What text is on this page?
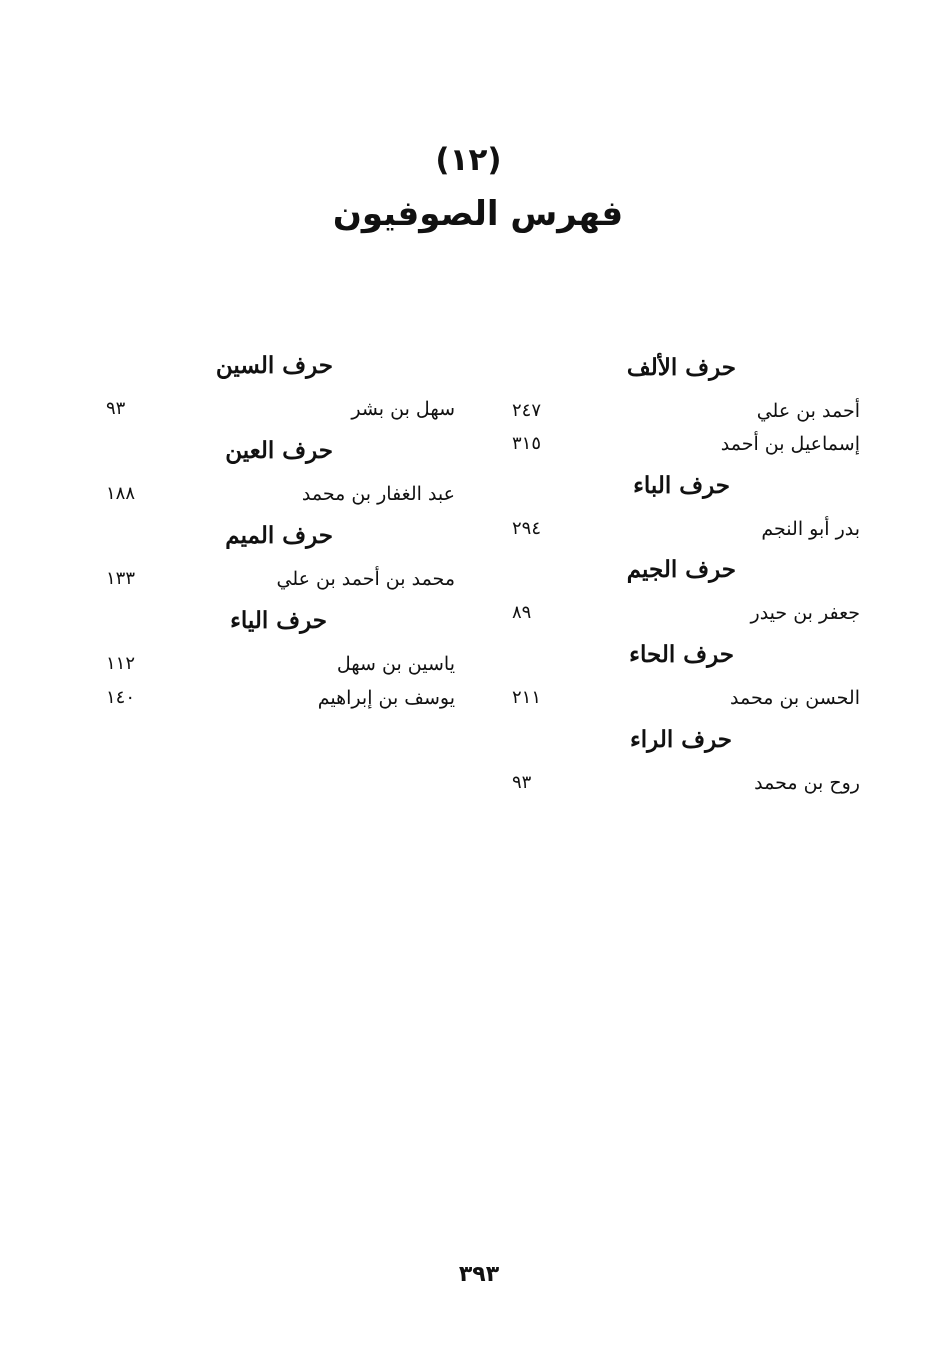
(١٢)
فهرس الصوفيون
حرف الألف
أحمد بن علي
٢٤٧
إسماعيل بن أحمد
٣١٥
حرف الباء
بدر أبو النجم
٢٩٤
حرف الجيم
جعفر بن حيدر
٨٩
حرف الحاء
الحسن بن محمد
٢١١
حرف الراء
روح بن محمد
٩٣
حرف السين
سهل بن بشر
٩٣
حرف العين
عبد الغفار بن محمد
١٨٨
حرف الميم
محمد بن أحمد بن علي
١٣٣
حرف الياء
ياسين بن سهل
١١٢
يوسف بن إبراهيم
١٤٠
٣٩٣
